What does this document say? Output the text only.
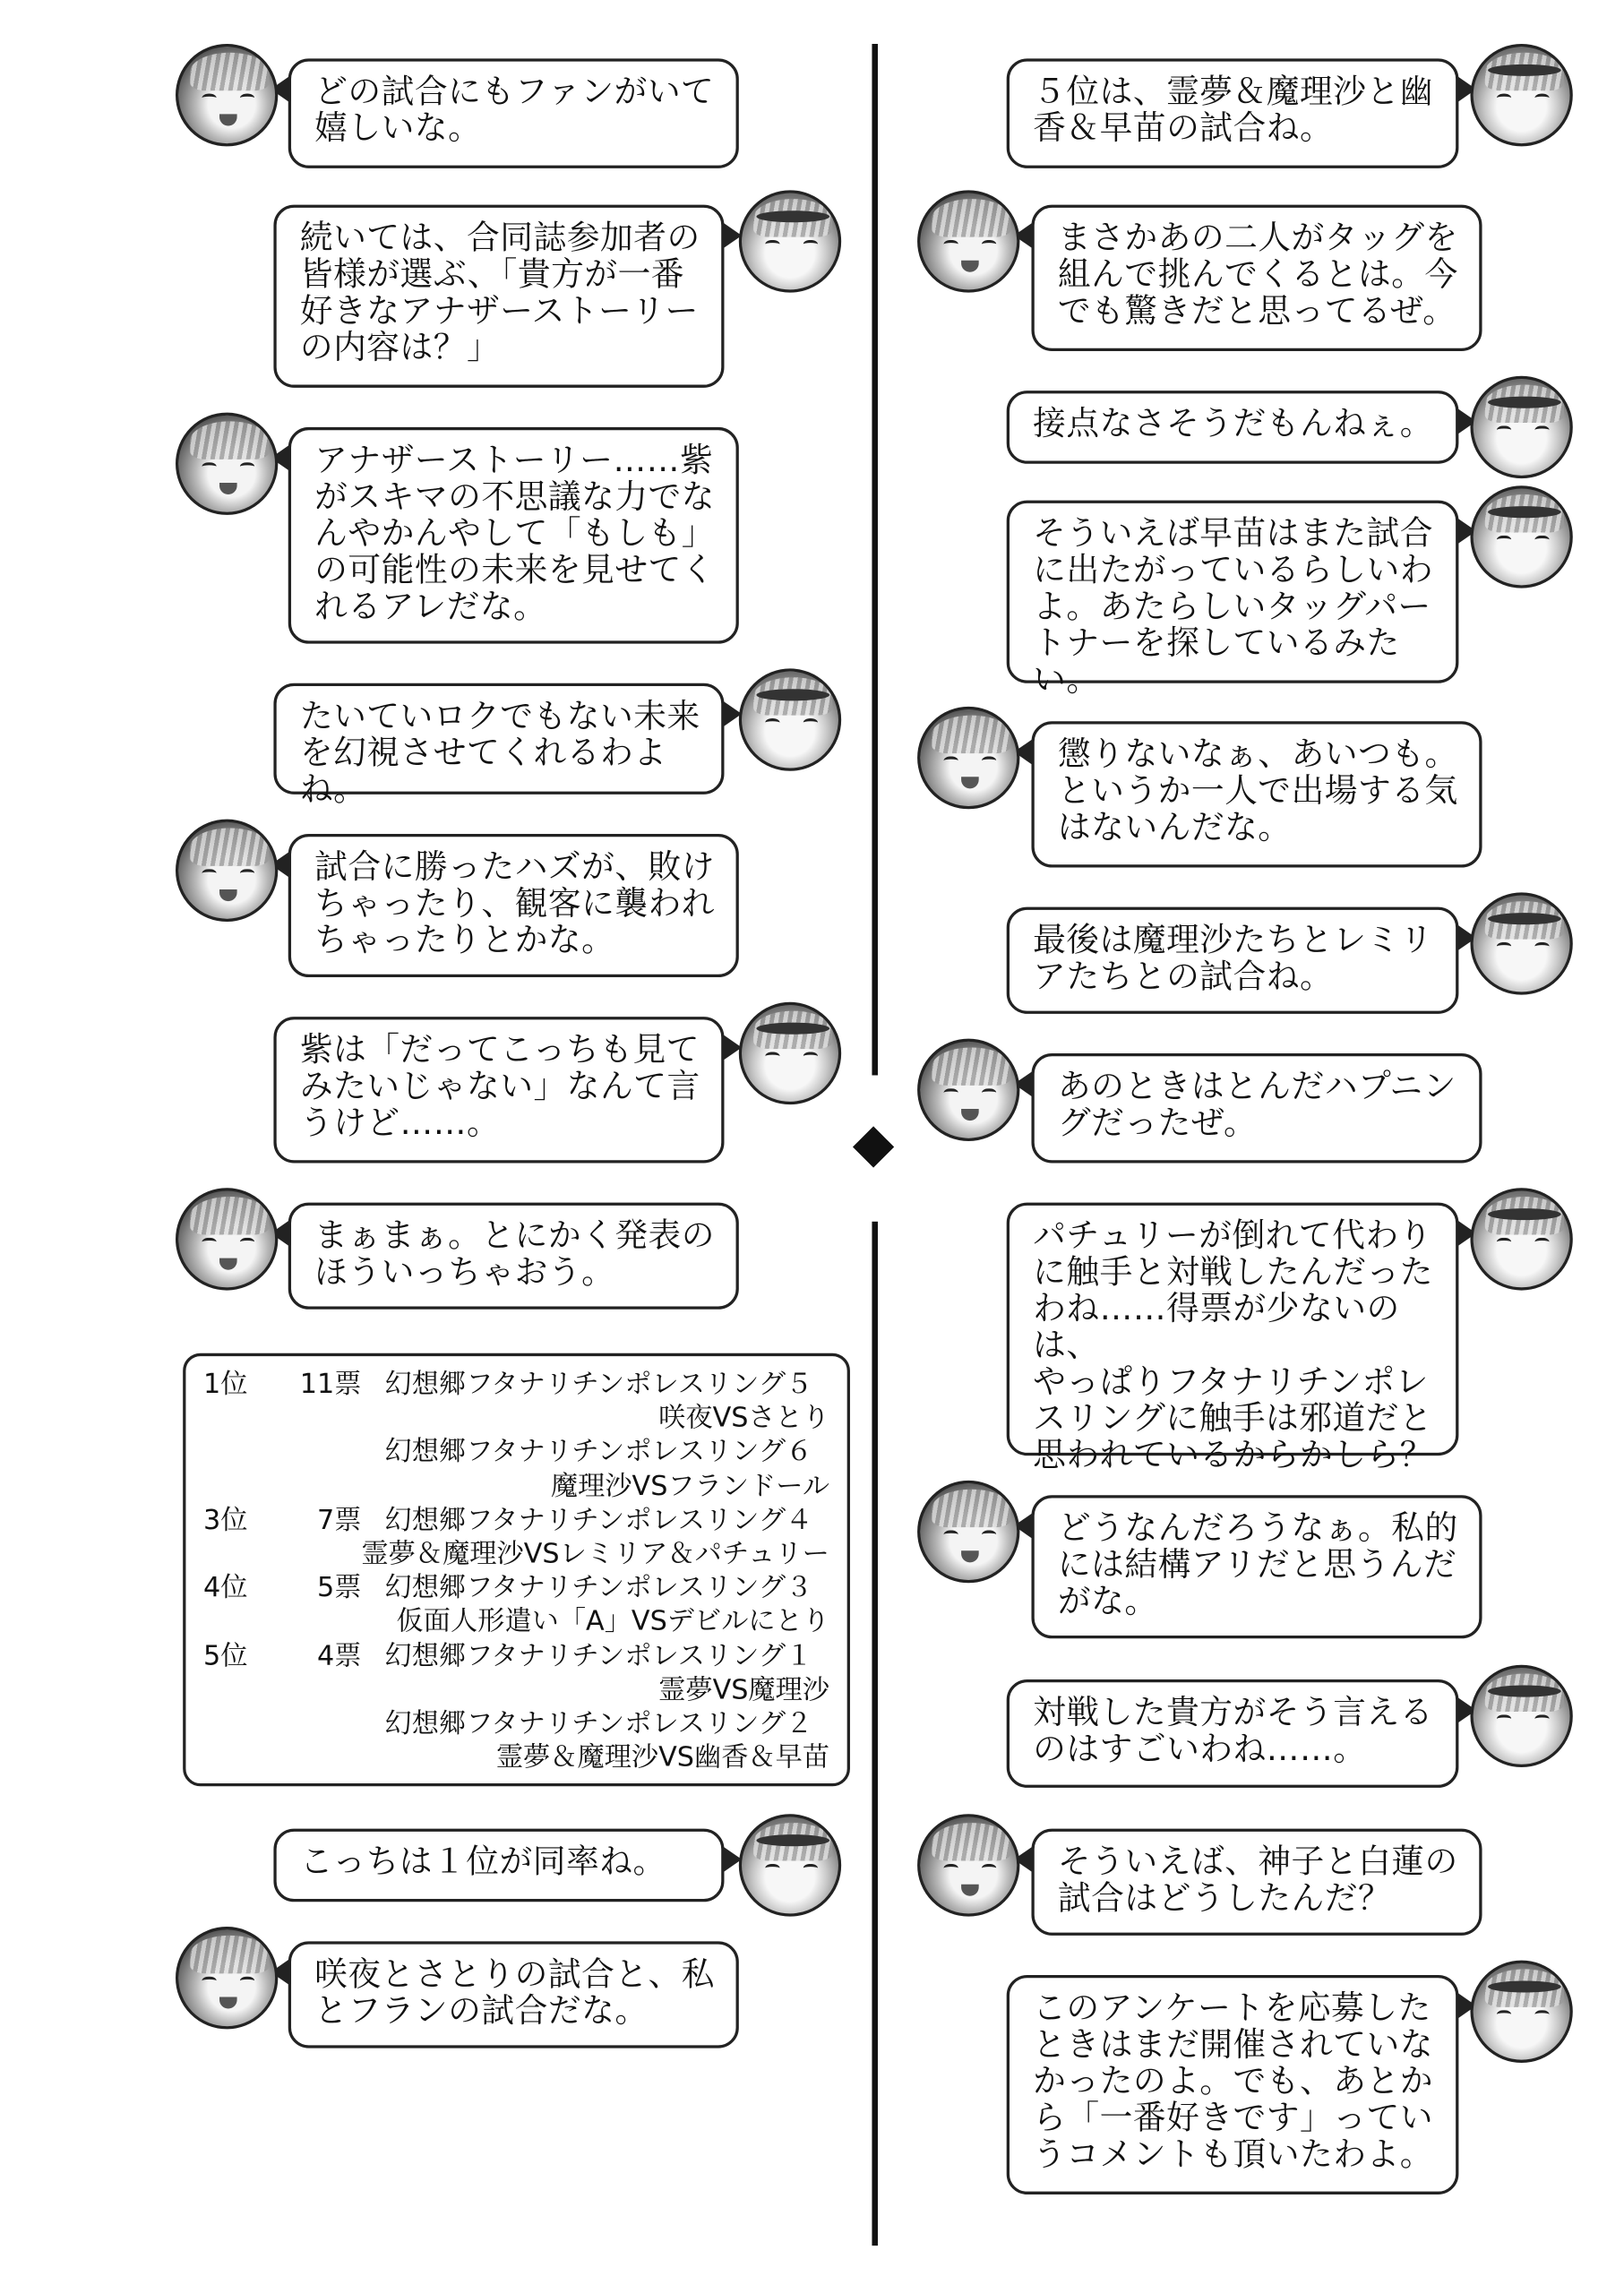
1位	11票	幻想郷フタナリチンポレスリング５
咲夜VSさとり
幻想郷フタナリチンポレスリング６
魔理沙VSフランドール
3位	7票	幻想郷フタナリチンポレスリング４
霊夢＆魔理沙VSレミリア＆パチュリー
4位	5票	幻想郷フタナリチンポレスリング３
仮面人形遣い「A」VSデビルにとり
5位	4票	幻想郷フタナリチンポレスリング１
霊夢VS魔理沙
幻想郷フタナリチンポレスリング２
霊夢＆魔理沙VS幽香＆早苗
どの試合にもファンがいて
嬉しいな。
続いては、合同誌参加者の
皆様が選ぶ、「貴方が一番
好きなアナザーストーリー
の内容は？」
アナザーストーリー……紫
がスキマの不思議な力でな
んやかんやして「もしも」
の可能性の未来を見せてく
れるアレだな。
たいていロクでもない未来
を幻視させてくれるわよね。
試合に勝ったハズが、敗け
ちゃったり、観客に襲われ
ちゃったりとかな。
紫は「だってこっちも見て
みたいじゃない」なんて言
うけど……。
まぁまぁ。とにかく発表の
ほういっちゃおう。
こっちは１位が同率ね。
咲夜とさとりの試合と、私
とフランの試合だな。
５位は、霊夢＆魔理沙と幽
香＆早苗の試合ね。
まさかあの二人がタッグを
組んで挑んでくるとは。今
でも驚きだと思ってるぜ。
接点なさそうだもんねぇ。
そういえば早苗はまた試合
に出たがっているらしいわ
よ。あたらしいタッグパー
トナーを探しているみたい。
懲りないなぁ、あいつも。
というか一人で出場する気
はないんだな。
最後は魔理沙たちとレミリ
アたちとの試合ね。
あのときはとんだハプニン
グだったぜ。
パチュリーが倒れて代わり
に触手と対戦したんだった
わね……得票が少ないのは、
やっぱりフタナリチンポレ
スリングに触手は邪道だと
思われているからかしら？
どうなんだろうなぁ。私的
には結構アリだと思うんだ
がな。
対戦した貴方がそう言える
のはすごいわね……。
そういえば、神子と白蓮の
試合はどうしたんだ？
このアンケートを応募した
ときはまだ開催されていな
かったのよ。でも、あとか
ら「一番好きです」ってい
うコメントも頂いたわよ。
